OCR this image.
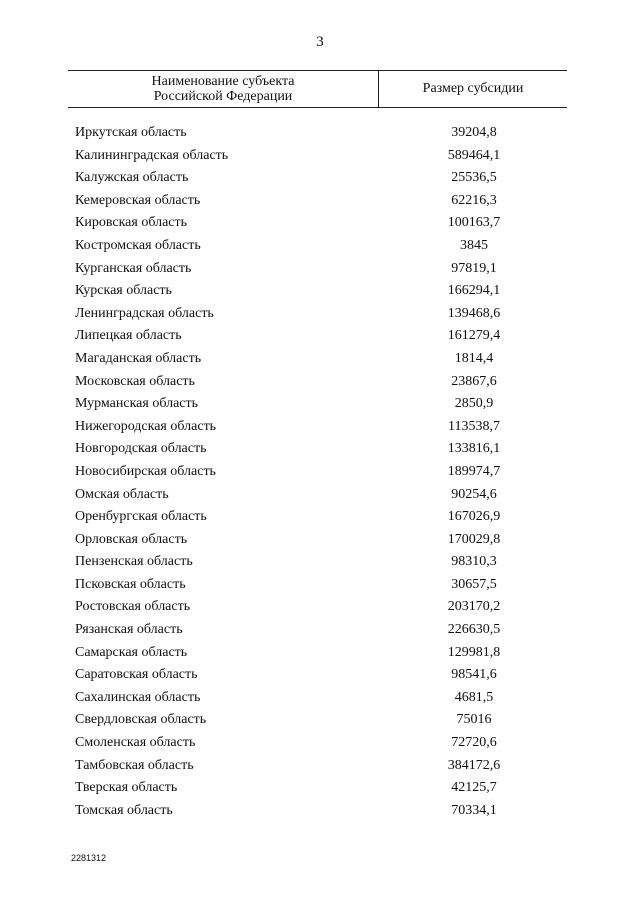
3
Наименование субъекта
Российской Федерации
Размер субсидии
Иркутская область	39204,8
Калининградская область	589464,1
Калужская область	25536,5
Кемеровская область	62216,3
Кировская область	100163,7
Костромская область	3845
Курганская область	97819,1
Курская область	166294,1
Ленинградская область	139468,6
Липецкая область	161279,4
Магаданская область	1814,4
Московская область	23867,6
Мурманская область	2850,9
Нижегородская область	113538,7
Новгородская область	133816,1
Новосибирская область	189974,7
Омская область	90254,6
Оренбургская область	167026,9
Орловская область	170029,8
Пензенская область	98310,3
Псковская область	30657,5
Ростовская область	203170,2
Рязанская область	226630,5
Самарская область	129981,8
Саратовская область	98541,6
Сахалинская область	4681,5
Свердловская область	75016
Смоленская область	72720,6
Тамбовская область	384172,6
Тверская область	42125,7
Томская область	70334,1
2281312
